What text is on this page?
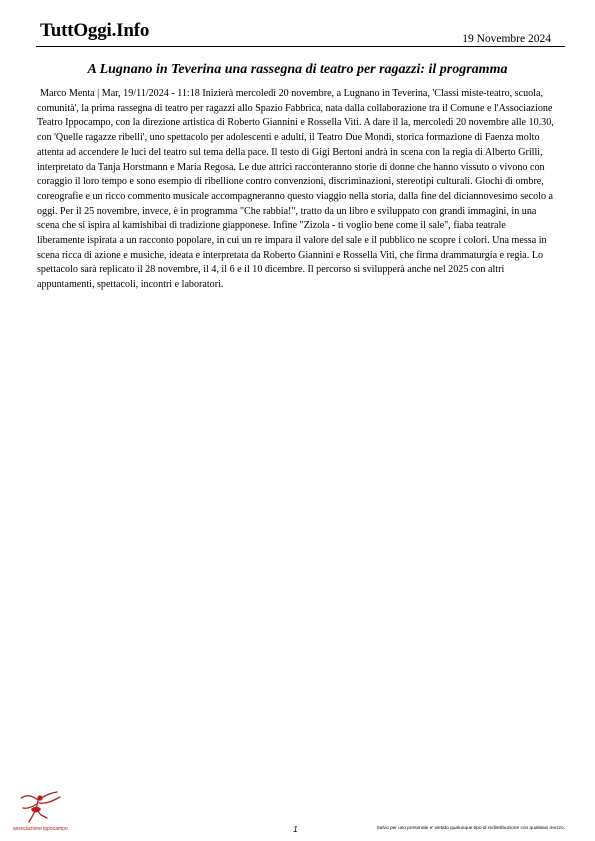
TuttOggi.Info	19 Novembre 2024
A Lugnano in Teverina una rassegna di teatro per ragazzi: il programma

Marco Menta | Mar, 19/11/2024 - 11:18 Inizierà mercoledì 20 novembre, a Lugnano in Teverina, 'Classi miste-teatro, scuola, comunità', la prima rassegna di teatro per ragazzi allo Spazio Fabbrica, nata dalla collaborazione tra il Comune e l'Associazione Teatro Ippocampo, con la direzione artistica di Roberto Giannini e Rossella Viti. A dare il la, mercoledì 20 novembre alle 10.30, con 'Quelle ragazze ribelli', uno spettacolo per adolescenti e adulti, il Teatro Due Mondi, storica formazione di Faenza molto attenta ad accendere le luci del teatro sul tema della pace. Il testo di Gigi Bertoni andrà in scena con la regia di Alberto Grilli, interpretato da Tanja Horstmann e Maria Regosa. Le due attrici racconteranno storie di donne che hanno vissuto o vivono con coraggio il loro tempo e sono esempio di ribellione contro convenzioni, discriminazioni, stereotipi culturali. Giochi di ombre, coreografie e un ricco commento musicale accompagneranno questo viaggio nella storia, dalla fine del diciannovesimo secolo a oggi. Per il 25 novembre, invece, è in programma "Che rabbia!", tratto da un libro e sviluppato con grandi immagini, in una scena che si ispira al kamishibai di tradizione giapponese. Infine "Zizola - ti voglio bene come il sale", fiaba teatrale liberamente ispirata a un racconto popolare, in cui un re impara il valore del sale e il pubblico ne scopre i colori. Una messa in scena ricca di azione e musiche, ideata e interpretata da Roberto Giannini e Rossella Viti, che firma drammaturgia e regia. Lo spettacolo sarà replicato il 28 novembre, il 4, il 6 e il 10 dicembre. Il percorso si svilupperà anche nel 2025 con altri appuntamenti, spettacoli, incontri e laboratori.

associazione ippocampo	1	Salvo per uso personale e' vietato qualunque tipo di redistribuzione con qualsiasi mezzo.
